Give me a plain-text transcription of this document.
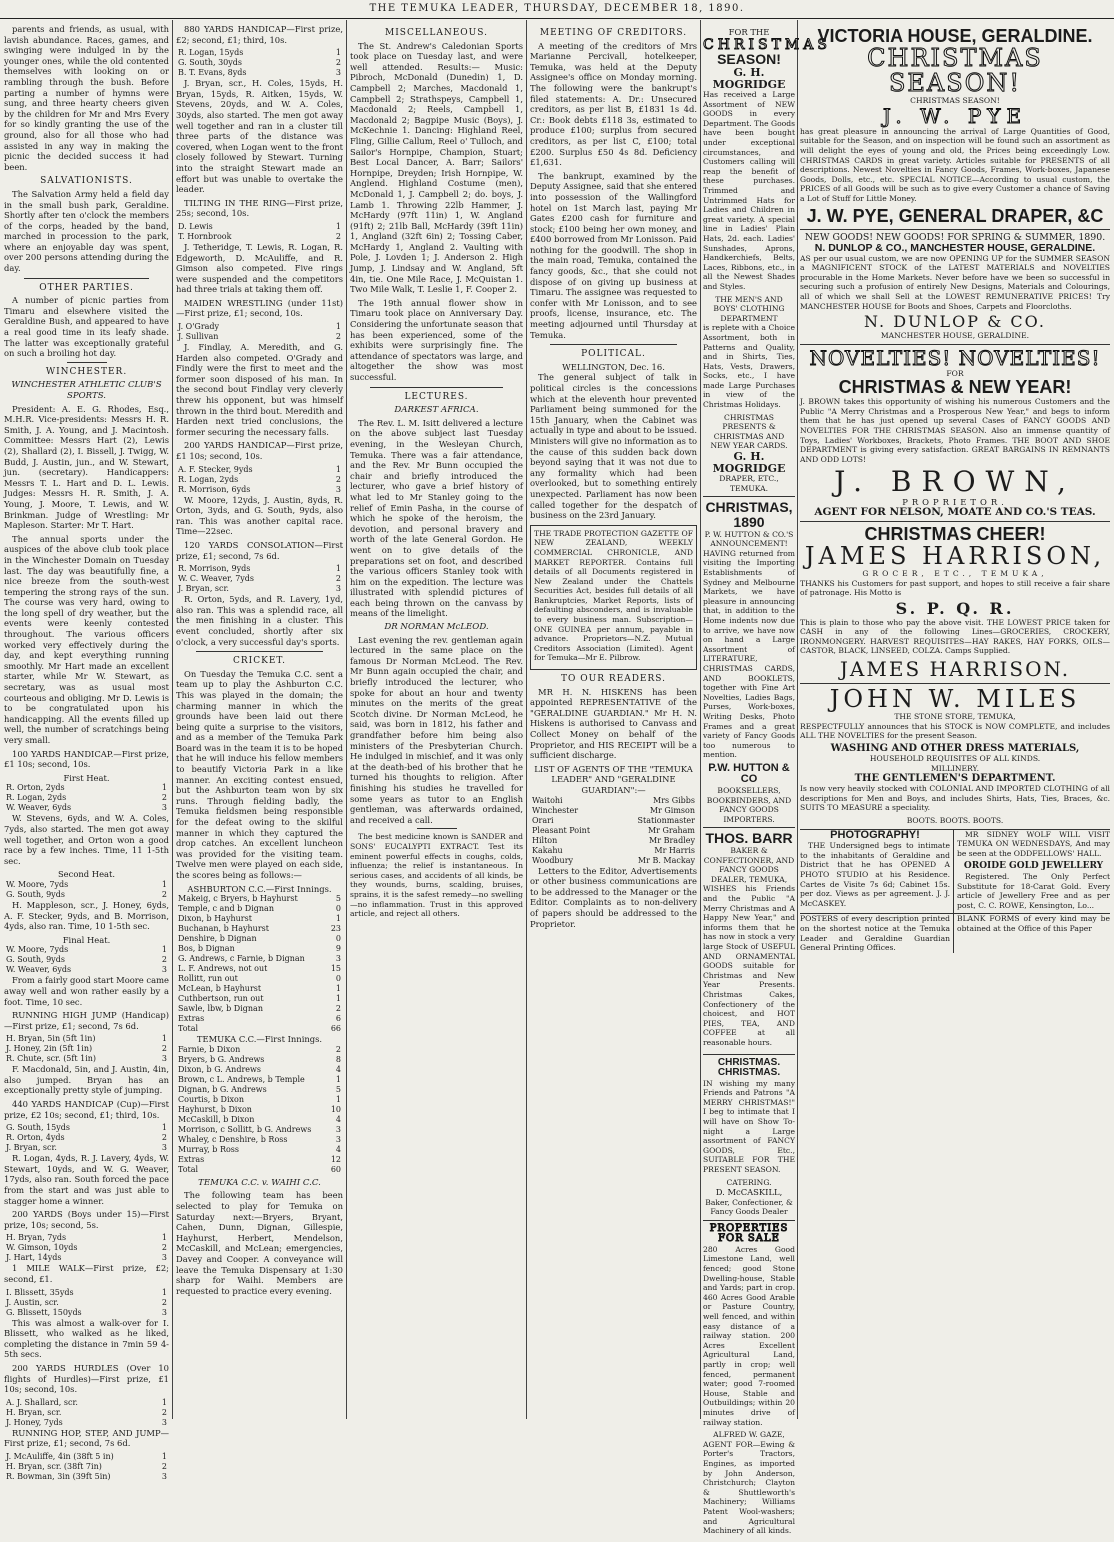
THE TEMUKA LEADER, THURSDAY, DECEMBER 18, 1890.

parents and friends, as usual, with lavish abundance. Races, games, and swinging were indulged in by the younger ones, while the old contented themselves with looking on or rambling through the bush. Before parting a number of hymns were sung, and three hearty cheers given by the children for Mr and Mrs Every for so kindly granting the use of the ground, also for all those who had assisted in any way in making the picnic the decided success it had been.

SALVATIONISTS.

The Salvation Army held a field day in the small bush park, Geraldine. Shortly after ten o'clock the members of the corps, headed by the band, marched in procession to the park, where an enjoyable day was spent, over 200 persons attending during the day.

OTHER PARTIES.

A number of picnic parties from Timaru and elsewhere visited the Geraldine Bush, and appeared to have a real good time in its leafy shade. The latter was exceptionally grateful on such a broiling hot day.

WINCHESTER.
WINCHESTER ATHLETIC CLUB'S SPORTS.

President: A. E. G. Rhodes, Esq., M.H.R. Vice-presidents: Messrs H. R. Smith, J. A. Young, and J. Macintosh. Committee: Messrs Hart (2), Lewis (2), Shallard (2), I. Bissell, J. Twigg, W. Budd, J. Austin, jun., and W. Stewart, jun. (secretary). Handicappers: Messrs T. L. Hart and D. L. Lewis. Judges: Messrs H. R. Smith, J. A. Young, J. Moore, T. Lewis, and W. Brinkman. Judge of Wrestling: Mr Mapleson. Starter: Mr T. Hart.

The annual sports under the auspices of the above club took place in the Winchester Domain on Tuesday last. The day was beautifully fine, a nice breeze from the south-west tempering the strong rays of the sun. The course was very hard, owing to the long spell of dry weather, but the events were keenly contested throughout. The various officers worked very effectively during the day, and kept everything running smoothly. Mr Hart made an excellent starter, while Mr W. Stewart, as secretary, was as usual most courteous and obliging. Mr D. Lewis is to be congratulated upon his handicapping. All the events filled up well, the number of scratchings being very small.

100 YARDS HANDICAP.—First prize, £1 10s; second, 10s.

First Heat.
R. Orton, 2yds	1
R. Logan, 2yds	2
W. Weaver, 6yds	3

W. Stevens, 6yds, and W. A. Coles, 7yds, also started. The men got away well together, and Orton won a good race by a few inches. Time, 11 1-5th sec.

Second Heat.
W. Moore, 7yds	1
G. South, 9yds	2

H. Mappleson, scr., J. Honey, 6yds, A. F. Stecker, 9yds, and B. Morrison, 4yds, also ran. Time, 10 1-5th sec.

Final Heat.
W. Moore, 7yds	1
G. South, 9yds	2
W. Weaver, 6yds	3

From a fairly good start Moore came away well and won rather easily by a foot. Time, 10 sec.

RUNNING HIGH JUMP (Handicap)—First prize, £1; second, 7s 6d.

H. Bryan, 5in (5ft 1in)	1
J. Honey, 2in (5ft 1in)	2
R. Chute, scr. (5ft 1in)	3

F. Macdonald, 5in, and J. Austin, 4in, also jumped. Bryan has an exceptionally pretty style of jumping.

440 YARDS HANDICAP (Cup)—First prize, £2 10s; second, £1; third, 10s.

G. South, 15yds	1
R. Orton, 4yds	2
J. Bryan, scr.	3

R. Logan, 4yds, R. J. Lavery, 4yds, W. Stewart, 10yds, and W. G. Weaver, 17yds, also ran. South forced the pace from the start and was just able to stagger home a winner.

200 YARDS (Boys under 15)—First prize, 10s; second, 5s.

H. Bryan, 7yds	1
W. Gimson, 10yds	2
J. Hart, 14yds	3

1 MILE WALK—First prize, £2; second, £1.

I. Blissett, 35yds	1
J. Austin, scr.	2
G. Blissett, 150yds	3

This was almost a walk-over for I. Blissett, who walked as he liked, completing the distance in 7min 59 4-5th secs.

200 YARDS HURDLES (Over 10 flights of Hurdles)—First prize, £1 10s; second, 10s.

A. J. Shallard, scr.	1
H. Bryan, scr.	2
J. Honey, 7yds	3

RUNNING HOP, STEP, AND JUMP—First prize, £1; second, 7s 6d.

J. McAuliffe, 4in (38ft 5 in)	1
H. Bryan, scr. (38ft 7in)	2
R. Bowman, 3in (39ft 5in)	3

880 YARDS HANDICAP—First prize, £2; second, £1; third, 10s.

R. Logan, 15yds	1
G. South, 30yds	2
B. T. Evans, 8yds	3

J. Bryan, scr., H. Coles, 15yds, H. Bryan, 15yds, R. Aitken, 15yds, W. Stevens, 20yds, and W. A. Coles, 30yds, also started. The men got away well together and ran in a cluster till three parts of the distance was covered, when Logan went to the front closely followed by Stewart. Turning into the straight Stewart made an effort but was unable to overtake the leader.

TILTING IN THE RING—First prize, 25s; second, 10s.

D. Lewis	1
T. Hornbrook	2

J. Tetheridge, T. Lewis, R. Logan, R. Edgeworth, D. McAuliffe, and R. Gimson also competed. Five rings were suspended and the competitors had three trials at taking them off.

MAIDEN WRESTLING (under 11st)—First prize, £1; second, 10s.

J. O'Grady	1
J. Sullivan	2

J. Findlay, A. Meredith, and G. Harden also competed. O'Grady and Findly were the first to meet and the former soon disposed of his man. In the second bout Findlay very cleverly threw his opponent, but was himself thrown in the third bout. Meredith and Harden next tried conclusions, the former securing the necessary falls.

200 YARDS HANDICAP—First prize, £1 10s; second, 10s.

A. F. Stecker, 9yds	1
R. Logan, 2yds	2
R. Morrison, 6yds	3

W. Moore, 12yds, J. Austin, 8yds, R. Orton, 3yds, and G. South, 9yds, also ran. This was another capital race. Time—22sec.

120 YARDS CONSOLATION—First prize, £1; second, 7s 6d.

R. Morrison, 9yds	1
W. C. Weaver, 7yds	2
J. Bryan, scr.	3

R. Orton, 5yds, and R. Lavery, 1yd, also ran. This was a splendid race, all the men finishing in a cluster. This event concluded, shortly after six o'clock, a very successful day's sports.

CRICKET.

On Tuesday the Temuka C.C. sent a team up to play the Ashburton C.C. This was played in the domain; the charming manner in which the grounds have been laid out there being quite a surprise to the visitors, and as a member of the Temuka Park Board was in the team it is to be hoped that he will induce his fellow members to beautify Victoria Park in a like manner. An exciting contest ensued, but the Ashburton team won by six runs. Through fielding badly, the Temuka fieldsmen being responsible for the defeat owing to the skilful manner in which they captured the drop catches. An excellent luncheon was provided for the visiting team. Twelve men were played on each side, the scores being as follows:—

ASHBURTON C.C.—First Innings.
Makeig, c Bryers, b Hayhurst	5
Temple, c and b Dignan	0
Dixon, b Hayhurst	1
Buchanan, b Hayhurst	23
Denshire, b Dignan	0
Bos, b Dignan	9
G. Andrews, c Farnie, b Dignan	3
L. F. Andrews, not out	15
Rollitt, run out	0
McLean, b Hayhurst	1
Cuthbertson, run out	1
Sawle, lbw, b Dignan	2
Extras	6
Total	66
TEMUKA C.C.—First Innings.
Farnie, b Dixon	2
Bryers, b G. Andrews	8
Dixon, b G. Andrews	4
Brown, c L. Andrews, b Temple	1
Dignan, b G. Andrews	5
Courtis, b Dixon	1
Hayhurst, b Dixon	10
McCaskill, b Dixon	4
Morrison, c Sollitt, b G. Andrews	3
Whaley, c Denshire, b Ross	3
Murray, b Ross	4
Extras	12
Total	60
TEMUKA C.C. v. WAIHI C.C.

The following team has been selected to play for Temuka on Saturday next:—Bryers, Bryant, Cahen, Dunn, Dignan, Gillespie, Hayhurst, Herbert, Mendelson, McCaskill, and McLean; emergencies, Davey and Cooper. A conveyance will leave the Temuka Dispensary at 1:30 sharp for Waihi. Members are requested to practice every evening.

MISCELLANEOUS.

The St. Andrew's Caledonian Sports took place on Tuesday last, and were well attended. Results:— Music: Pibroch, McDonald (Dunedin) 1, D. Campbell 2; Marches, Macdonald 1, Campbell 2; Strathspeys, Campbell 1, Macdonald 2; Reels, Campbell 1, Macdonald 2; Bagpipe Music (Boys), J. McKechnie 1. Dancing: Highland Reel, Fling, Gillie Callum, Reel o' Tulloch, and Sailor's Hornpipe, Champion, Stuart; Best Local Dancer, A. Barr; Sailors' Hornpipe, Dreyden; Irish Hornpipe, W. Anglend. Highland Costume (men), McDonald 1, J. Campbell 2; do. boys, J. Lamb 1. Throwing 22lb Hammer, J. McHardy (97ft 11in) 1, W. Angland (91ft) 2; 21lb Ball, McHardy (39ft 11in) 1, Angland (32ft 6in) 2; Tossing Caber, McHardy 1, Angland 2. Vaulting with Pole, J. Lovden 1; J. Anderson 2. High Jump, J. Lindsay and W. Angland, 5ft 4in, tie. One Mile Race, J. McQuistan 1. Two Mile Walk, T. Leslie 1, F. Cooper 2.

The 19th annual flower show in Timaru took place on Anniversary Day. Considering the unfortunate season that has been experienced, some of the exhibits were surprisingly fine. The attendance of spectators was large, and altogether the show was most successful.

LECTURES.
DARKEST AFRICA.

The Rev. L. M. Isitt delivered a lecture on the above subject last Tuesday evening, in the Wesleyan Church, Temuka. There was a fair attendance, and the Rev. Mr Bunn occupied the chair and briefly introduced the lecturer, who gave a brief history of what led to Mr Stanley going to the relief of Emin Pasha, in the course of which he spoke of the heroism, the devotion, and personal bravery and worth of the late General Gordon. He went on to give details of the preparations set on foot, and described the various officers Stanley took with him on the expedition. The lecture was illustrated with splendid pictures of each being thrown on the canvass by means of the limelight.

DR NORMAN McLEOD.

Last evening the rev. gentleman again lectured in the same place on the famous Dr Norman McLeod. The Rev. Mr Bunn again occupied the chair, and briefly introduced the lecturer, who spoke for about an hour and twenty minutes on the merits of the great Scotch divine. Dr Norman McLeod, he said, was born in 1812, his father and grandfather before him being also ministers of the Presbyterian Church. He indulged in mischief, and it was only at the death-bed of his brother that he turned his thoughts to religion. After finishing his studies he travelled for some years as tutor to an English gentleman, was afterwards ordained, and received a call.

The best medicine known is SANDER and SONS' EUCALYPTI EXTRACT. Test its eminent powerful effects in coughs, colds, influenza; the relief is instantaneous. In serious cases, and accidents of all kinds, be they wounds, burns, scalding, bruises, sprains, it is the safest remedy—no swelling—no inflammation. Trust in this approved article, and reject all others.

MEETING OF CREDITORS.

A meeting of the creditors of Mrs Marianne Percivall, hotelkeeper, Temuka, was held at the Deputy Assignee's office on Monday morning. The following were the bankrupt's filed statements: A. Dr.: Unsecured creditors, as per list B, £1831 1s 4d. Cr.: Book debts £118 3s, estimated to produce £100; surplus from secured creditors, as per list C, £100; total £200. Surplus £50 4s 8d. Deficiency £1,631.

The bankrupt, examined by the Deputy Assignee, said that she entered into possession of the Wallingford hotel on 1st March last, paying Mr Gates £200 cash for furniture and stock; £100 being her own money, and £400 borrowed from Mr Lonisson. Paid nothing for the goodwill. The shop in the main road, Temuka, contained the fancy goods, &c., that she could not dispose of on giving up business at Timaru. The assignee was requested to confer with Mr Lonisson, and to see proofs, license, insurance, etc. The meeting adjourned until Thursday at Temuka.

POLITICAL.
WELLINGTON, Dec. 16.

The general subject of talk in political circles is the concessions which at the eleventh hour prevented Parliament being summoned for the 15th January, when the Cabinet was actually in type and about to be issued. Ministers will give no information as to the cause of this sudden back down beyond saying that it was not due to any formality which had been overlooked, but to something entirely unexpected. Parliament has now been called together for the despatch of business on the 23rd January.

THE TRADE PROTECTION GAZETTE OF NEW ZEALAND, WEEKLY COMMERCIAL CHRONICLE, AND MARKET REPORTER. Contains full details of all Documents registered in New Zealand under the Chattels Securities Act, besides full details of all Bankruptcies, Market Reports, lists of defaulting absconders, and is invaluable to every business man. Subscription—ONE GUINEA per annum, payable in advance. Proprietors—N.Z. Mutual Creditors Association (Limited). Agent for Temuka—Mr E. Pilbrow.

TO OUR READERS.

MR H. N. HISKENS has been appointed REPRESENTATIVE of the "GERALDINE GUARDIAN." Mr H. N. Hiskens is authorised to Canvass and Collect Money on behalf of the Proprietor, and HIS RECEIPT will be a sufficient discharge.

LIST OF AGENTS OF THE "TEMUKA LEADER" AND "GERALDINE GUARDIAN":—
Waitohi	Mrs Gibbs
Winchester	Mr Gimson
Orari	Stationmaster
Pleasant Point	Mr Graham
Hilton	Mr Bradley
Kakahu	Mr Harris
Woodbury	Mr B. Mackay

Letters to the Editor, Advertisements or other business communications are to be addressed to the Manager or the Editor. Complaints as to non-delivery of papers should be addressed to the Proprietor.

FOR THE
CHRISTMAS
SEASON!
G. H. MOGRIDGE

Has received a Large Assortment of NEW GOODS in every Department. The Goods have been bought under exceptional circumstances, and Customers calling will reap the benefit of these purchases. Trimmed and Untrimmed Hats for Ladies and Children in great variety. A special line in Ladies' Plain Hats, 2d. each. Ladies' Sunshades, Aprons, Handkerchiefs, Belts, Laces, Ribbons, etc., in all the Newest Shades and Styles.

THE MEN'S AND BOYS' CLOTHING DEPARTMENT

is replete with a Choice Assortment, both in Patterns and Quality, and in Shirts, Ties, Hats, Vests, Drawers, Socks, etc., I have made Large Purchases in view of the Christmas Holidays.

CHRISTMAS PRESENTS & CHRISTMAS AND NEW YEAR CARDS.
G. H. MOGRIDGE
DRAPER, ETC., TEMUKA.
CHRISTMAS, 1890
P. W. HUTTON & CO.'S ANNOUNCEMENT!

HAVING returned from visiting the Importing Establishments of Sydney and Melbourne Markets, we have pleasure in announcing that, in addition to the Home indents now due to arrive, we have now on hand a Large Assortment of LITERATURE, CHRISTMAS CARDS, AND BOOKLETS, together with Fine Art Novelties, Ladies Bags, Purses, Work-boxes, Writing Desks, Photo Frames and a great variety of Fancy Goods too numerous to mention.

P.W. HUTTON & CO
BOOKSELLERS, BOOKBINDERS, AND FANCY GOODS IMPORTERS.
THOS. BARR
BAKER & CONFECTIONER, AND FANCY GOODS DEALER, TEMUKA,

WISHES his Friends and the Public "A Merry Christmas and A Happy New Year," and informs them that he has now in stock a very large Stock of USEFUL AND ORNAMENTAL GOODS suitable for Christmas and New Year Presents. Christmas Cakes, Confectionery of the choicest, and HOT PIES, TEA, AND COFFEE at all reasonable hours.

CHRISTMAS. CHRISTMAS.

IN wishing my many Friends and Patrons "A MERRY CHRISTMAS!" I beg to intimate that I will have on Show To-night a Large assortment of FANCY GOODS, Etc., SUITABLE FOR THE PRESENT SEASON.

CATERING.
D. McCASKILL,
Baker, Confectioner, & Fancy Goods Dealer
PROPERTIES FOR SALE

280 Acres Good Limestone Land, well fenced; good Stone Dwelling-house, Stable and Yards; part in crop. 460 Acres Good Arable or Pasture Country, well fenced, and within easy distance of a railway station. 200 Acres Excellent Agricultural Land, partly in crop; well fenced, permanent water; good 7-roomed House, Stable and Outbuildings; within 20 minutes drive of railway station.

ALFRED W. GAZE,

AGENT FOR—Ewing & Porter's Tractors, Engines, as imported by John Anderson, Christchurch; Clayton & Shuttleworth's Machinery; Williams Patent Wool-washers; and Agricultural Machinery of all kinds.

VICTORIA HOUSE, GERALDINE.
CHRISTMAS SEASON!
CHRISTMAS SEASON!
J. W. PYE

has great pleasure in announcing the arrival of Large Quantities of Good, suitable for the Season, and on inspection will be found such an assortment as will delight the eyes of young and old, the Prices being exceedingly Low. CHRISTMAS CARDS in great variety. Articles suitable for PRESENTS of all descriptions. Newest Novelties in Fancy Goods, Frames, Work-boxes, Japanese Goods, Dolls, etc., etc. SPECIAL NOTICE—According to usual custom, the PRICES of all Goods will be such as to give every Customer a chance of Saving a Lot of Stuff for Little Money.

J. W. PYE, GENERAL DRAPER, &C
NEW GOODS! NEW GOODS! FOR SPRING & SUMMER, 1890.
N. DUNLOP & CO., MANCHESTER HOUSE, GERALDINE.

AS per our usual custom, we are now OPENING UP for the SUMMER SEASON a MAGNIFICENT STOCK of the LATEST MATERIALS and NOVELTIES procurable in the Home Markets. Never before have we been so successful in securing such a profusion of entirely New Designs, Materials and Colourings, all of which we shall Sell at the LOWEST REMUNERATIVE PRICES! Try MANCHESTER HOUSE for Boots and Shoes, Carpets and Floorcloths.

N. DUNLOP & CO.
MANCHESTER HOUSE, GERALDINE.
NOVELTIES! NOVELTIES!
FOR
CHRISTMAS & NEW YEAR!

J. BROWN takes this opportunity of wishing his numerous Customers and the Public "A Merry Christmas and a Prosperous New Year," and begs to inform them that he has just opened up several Cases of FANCY GOODS AND NOVELTIES FOR THE CHRISTMAS SEASON. Also an immense quantity of Toys, Ladies' Workboxes, Brackets, Photo Frames. THE BOOT AND SHOE DEPARTMENT is giving every satisfaction. GREAT BARGAINS IN REMNANTS AND ODD LOTS!

J. BROWN,
PROPRIETOR.
AGENT FOR NELSON, MOATE AND CO.'S TEAS.
CHRISTMAS CHEER!
JAMES HARRISON,
GROCER, ETC., TEMUKA,

THANKS his Customers for past support, and hopes to still receive a fair share of patronage. His Motto is

S. P. Q. R.

This is plain to those who pay the above visit. THE LOWEST PRICE taken for CASH in any of the following Lines—GROCERIES, CROCKERY, IRONMONGERY. HARVEST REQUISITES—HAY RAKES, HAY FORKS, OILS—CASTOR, BLACK, LINSEED, COLZA. Camps Supplied.

JAMES HARRISON.
JOHN W. MILES
THE STONE STORE, TEMUKA,

RESPECTFULLY announces that his STOCK is NOW COMPLETE, and includes ALL THE NOVELTIES for the present Season.

WASHING AND OTHER DRESS MATERIALS,
HOUSEHOLD REQUISITES OF ALL KINDS.
MILLINERY.
THE GENTLEMEN'S DEPARTMENT.

Is now very heavily stocked with COLONIAL AND IMPORTED CLOTHING of all descriptions for Men and Boys, and includes Shirts, Hats, Ties, Braces, &c. SUITS TO MEASURE a speciality.

BOOTS. BOOTS. BOOTS.
PHOTOGRAPHY!

THE Undersigned begs to intimate to the inhabitants of Geraldine and District that he has OPENED A PHOTO STUDIO at his Residence. Cartes de Visite 7s 6d; Cabinet 15s. per doz. Views as per agreement. J. J. McCASKEY.

MR SIDNEY WOLF WILL VISIT TEMUKA ON WEDNESDAYS, And may be seen at the ODDFELLOWS' HALL.

OROIDE GOLD JEWELLERY

Registered. The Only Perfect Substitute for 18-Carat Gold. Every article of Jewellery Free and as per post, C. C. ROWE, Kensington, Lo...

POSTERS of every description printed on the shortest notice at the Temuka Leader and Geraldine Guardian General Printing Offices.

BLANK FORMS of every kind may be obtained at the Office of this Paper
